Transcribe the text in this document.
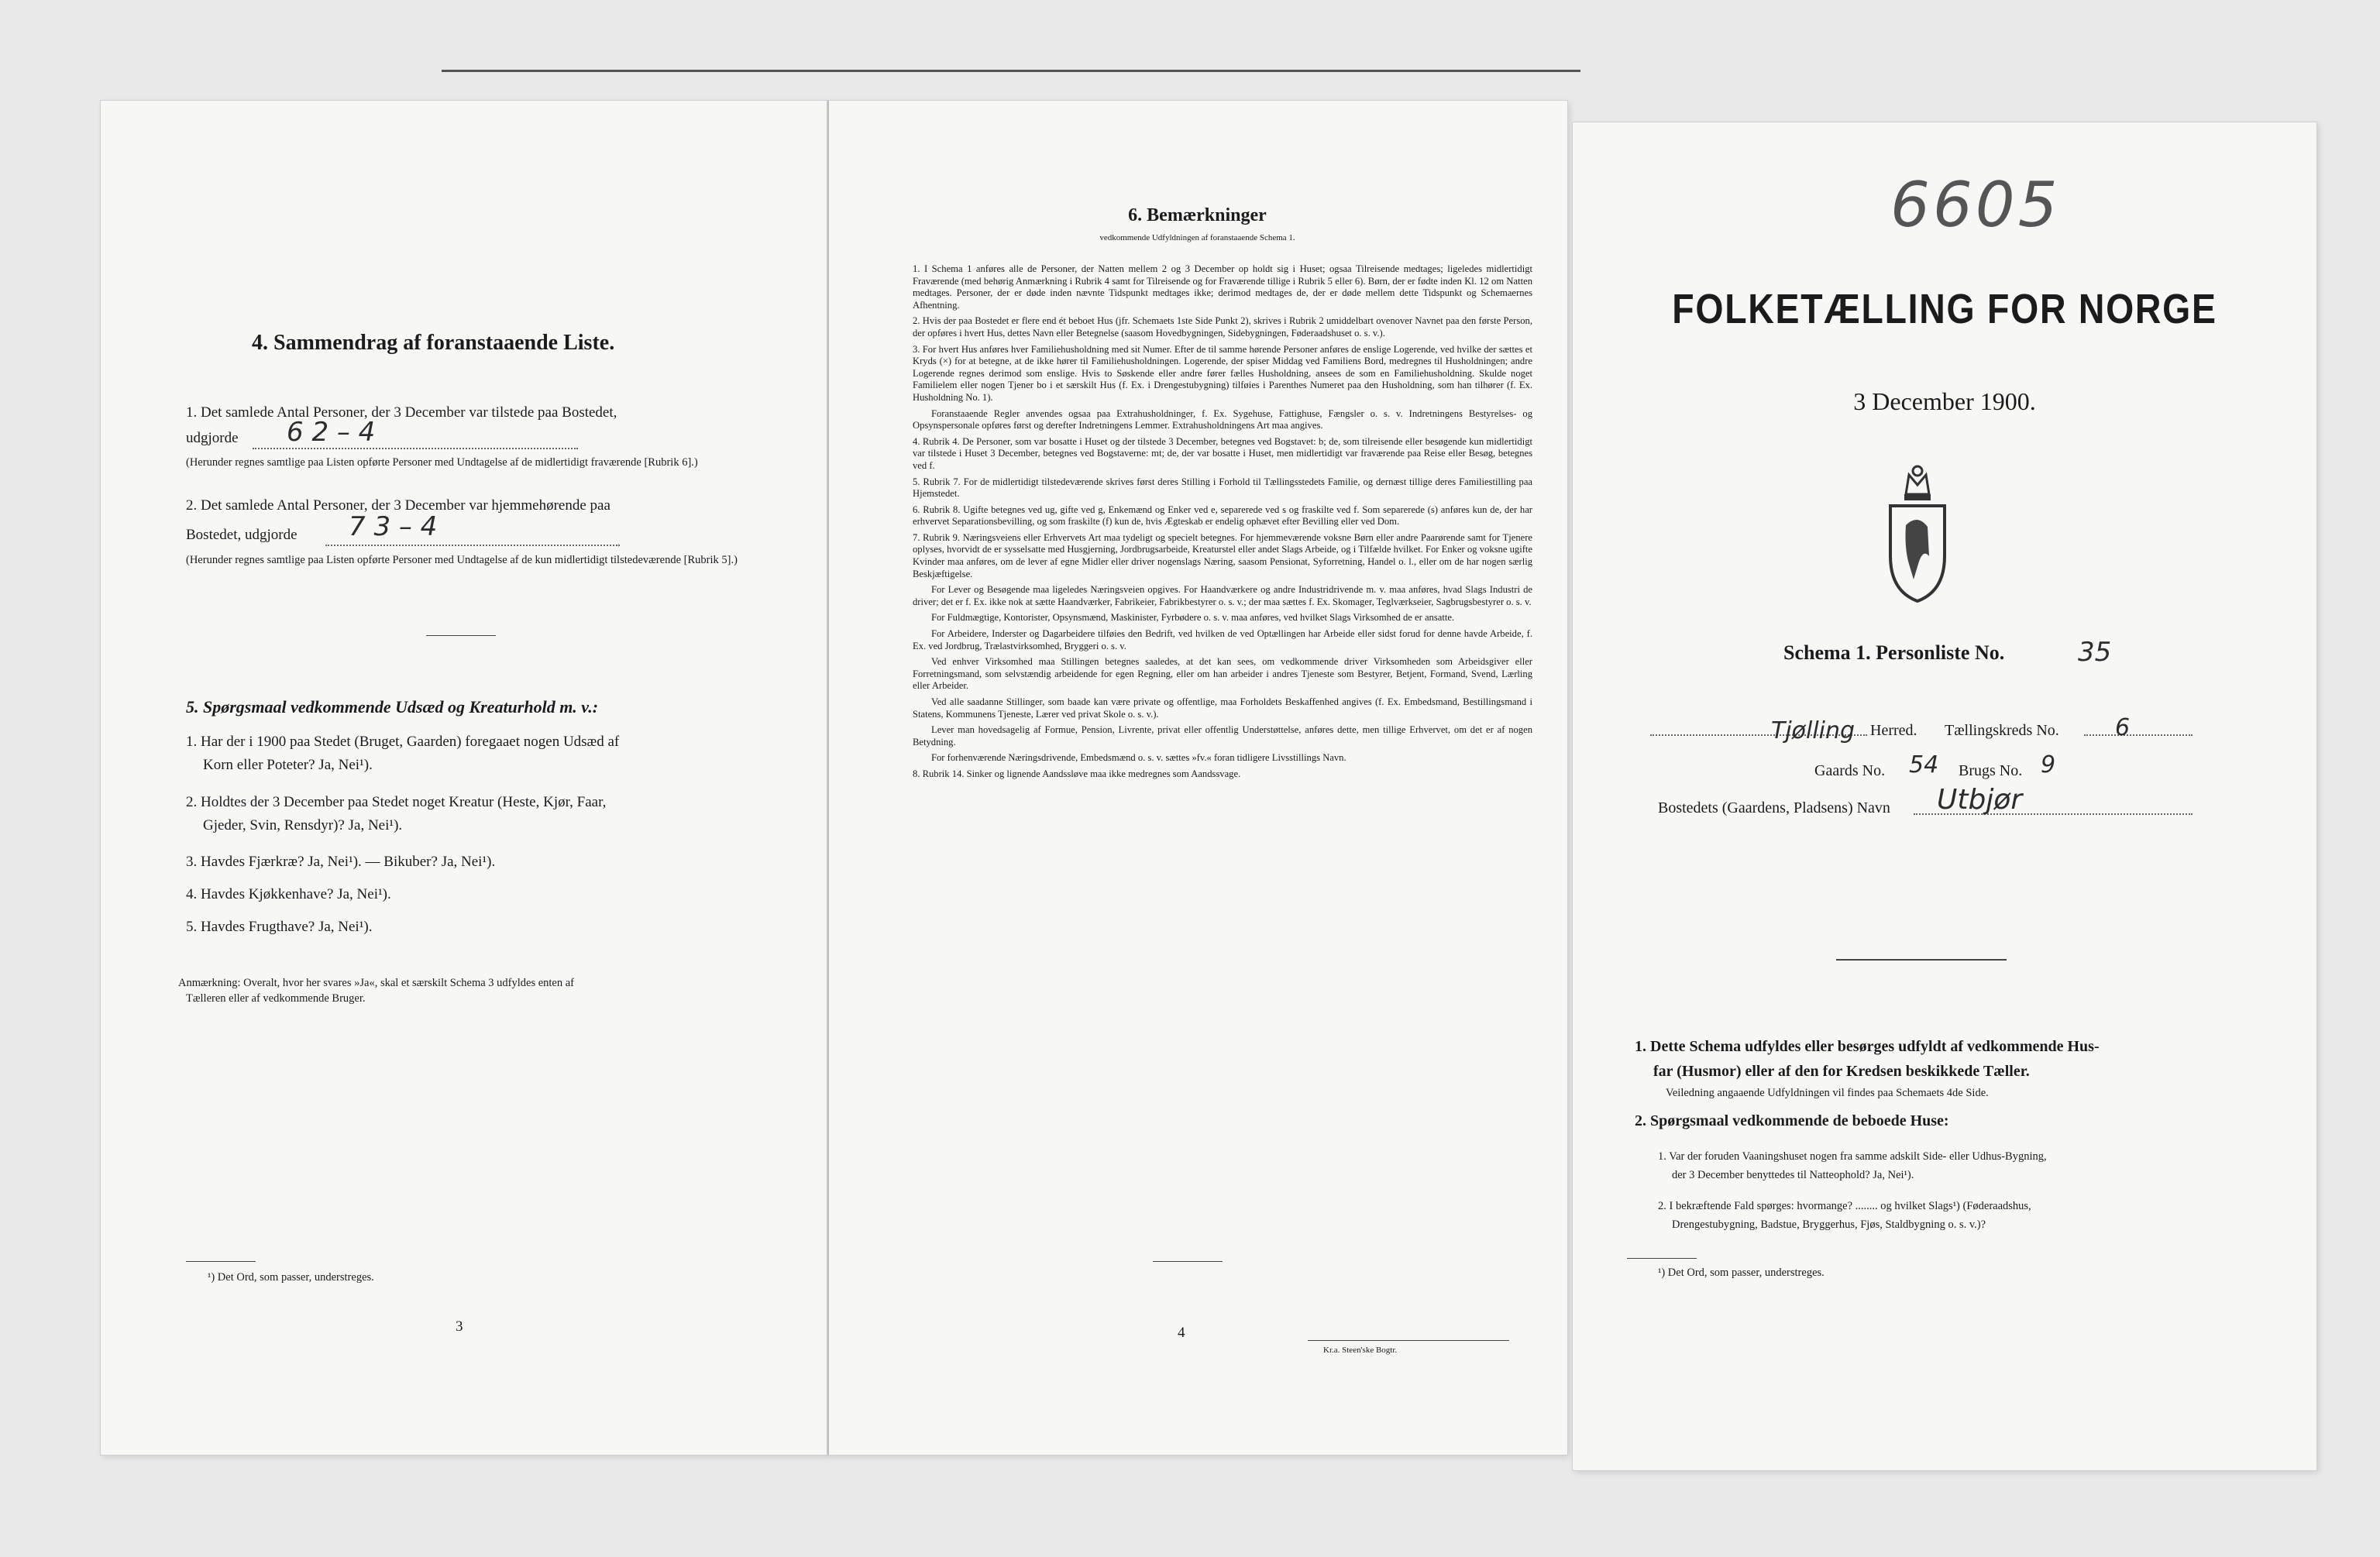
4. Sammendrag af foranstaaende Liste.
1. Det samlede Antal Personer, der 3 December var tilstede paa Bostedet,
udgjorde 6 2 – 4
(Herunder regnes samtlige paa Listen opførte Personer med Undtagelse af de midlertidigt fraværende [Rubrik 6].)
2. Det samlede Antal Personer, der 3 December var hjemmehørende paa
Bostedet, udgjorde 7 3 – 4
(Herunder regnes samtlige paa Listen opførte Personer med Undtagelse af de kun midlertidigt tilstedeværende [Rubrik 5].)
5. Spørgsmaal vedkommende Udsæd og Kreaturhold m. v.:
1. Har der i 1900 paa Stedet (Bruget, Gaarden) foregaaet nogen Udsæd af
Korn eller Poteter? Ja, Nei¹).
2. Holdtes der 3 December paa Stedet noget Kreatur (Heste, Kjør, Faar,
Gjeder, Svin, Rensdyr)? Ja, Nei¹).
3. Havdes Fjærkræ? Ja, Nei¹). — Bikuber? Ja, Nei¹).
4. Havdes Kjøkkenhave? Ja, Nei¹).
5. Havdes Frugthave? Ja, Nei¹).
Anmærkning: Overalt, hvor her svares »Ja«, skal et særskilt Schema 3 udfyldes enten af
Tælleren eller af vedkommende Bruger.
¹) Det Ord, som passer, understreges.
3
6. Bemærkninger
vedkommende Udfyldningen af foranstaaende Schema 1.
1. I Schema 1 anføres alle de Personer, der Natten mellem 2 og 3 December op holdt sig i Huset; ogsaa Tilreisende medtages; ligeledes midlertidigt Fraværende (med behørig Anmærkning i Rubrik 4 samt for Tilreisende og for Fraværende tillige i Rubrik 5 eller 6). Børn, der er fødte inden Kl. 12 om Natten medtages. Personer, der er døde inden nævnte Tidspunkt medtages ikke; derimod medtages de, der er døde mellem dette Tidspunkt og Schemaernes Afhentning.
2. Hvis der paa Bostedet er flere end ét beboet Hus (jfr. Schemaets 1ste Side Punkt 2), skrives i Rubrik 2 umiddelbart ovenover Navnet paa den første Person, der opføres i hvert Hus, dettes Navn eller Betegnelse (saasom Hovedbygningen, Sidebygningen, Føderaadshuset o. s. v.).
3. For hvert Hus anføres hver Familiehusholdning med sit Numer. Efter de til samme hørende Personer anføres de enslige Logerende, ved hvilke der sættes et Kryds (×) for at betegne, at de ikke hører til Familiehusholdningen. Logerende, der spiser Middag ved Familiens Bord, medregnes til Husholdningen; andre Logerende regnes derimod som enslige. Hvis to Søskende eller andre fører fælles Husholdning, ansees de som en Familiehusholdning. Skulde noget Familielem eller nogen Tjener bo i et særskilt Hus (f. Ex. i Drengestubygning) tilføies i Parenthes Numeret paa den Husholdning, som han tilhører (f. Ex. Husholdning No. 1).
Foranstaaende Regler anvendes ogsaa paa Extrahusholdninger, f. Ex. Sygehuse, Fattighuse, Fængsler o. s. v. Indretningens Bestyrelses- og Opsynspersonale opføres først og derefter Indretningens Lemmer. Extrahusholdningens Art maa angives.
4. Rubrik 4. De Personer, som var bosatte i Huset og der tilstede 3 December, betegnes ved Bogstavet: b; de, som tilreisende eller besøgende kun midlertidigt var tilstede i Huset 3 December, betegnes ved Bogstaverne: mt; de, der var bosatte i Huset, men midlertidigt var fraværende paa Reise eller Besøg, betegnes ved f.
5. Rubrik 7. For de midlertidigt tilstedeværende skrives først deres Stilling i Forhold til Tællingsstedets Familie, og dernæst tillige deres Familiestilling paa Hjemstedet.
6. Rubrik 8. Ugifte betegnes ved ug, gifte ved g, Enkemænd og Enker ved e, separerede ved s og fraskilte ved f. Som separerede (s) anføres kun de, der har erhvervet Separationsbevilling, og som fraskilte (f) kun de, hvis Ægteskab er endelig ophævet efter Bevilling eller ved Dom.
7. Rubrik 9. Næringsveiens eller Erhvervets Art maa tydeligt og specielt betegnes. For hjemmeværende voksne Børn eller andre Paarørende samt for Tjenere oplyses, hvorvidt de er sysselsatte med Husgjerning, Jordbrugsarbeide, Kreaturstel eller andet Slags Arbeide, og i Tilfælde hvilket. For Enker og voksne ugifte Kvinder maa anføres, om de lever af egne Midler eller driver nogenslags Næring, saasom Pensionat, Syforretning, Handel o. l., eller om de har nogen særlig Beskjæftigelse.
For Lever og Besøgende maa ligeledes Næringsveien opgives. For Haandværkere og andre Industridrivende m. v. maa anføres, hvad Slags Industri de driver; det er f. Ex. ikke nok at sætte Haandværker, Fabrikeier, Fabrikbestyrer o. s. v.; der maa sættes f. Ex. Skomager, Teglværkseier, Sagbrugsbestyrer o. s. v.
For Fuldmægtige, Kontorister, Opsynsmænd, Maskinister, Fyrbødere o. s. v. maa anføres, ved hvilket Slags Virksomhed de er ansatte.
For Arbeidere, Inderster og Dagarbeidere tilføies den Bedrift, ved hvilken de ved Optællingen har Arbeide eller sidst forud for denne havde Arbeide, f. Ex. ved Jordbrug, Trælastvirksomhed, Bryggeri o. s. v.
Ved enhver Virksomhed maa Stillingen betegnes saaledes, at det kan sees, om vedkommende driver Virksomheden som Arbeidsgiver eller Forretningsmand, som selvstændig arbeidende for egen Regning, eller om han arbeider i andres Tjeneste som Bestyrer, Betjent, Formand, Svend, Lærling eller Arbeider.
Ved alle saadanne Stillinger, som baade kan være private og offentlige, maa Forholdets Beskaffenhed angives (f. Ex. Embedsmand, Bestillingsmand i Statens, Kommunens Tjeneste, Lærer ved privat Skole o. s. v.).
Lever man hovedsagelig af Formue, Pension, Livrente, privat eller offentlig Understøttelse, anføres dette, men tillige Erhvervet, om det er af nogen Betydning.
For forhenværende Næringsdrivende, Embedsmænd o. s. v. sættes »fv.« foran tidligere Livsstillings Navn.
8. Rubrik 14. Sinker og lignende Aandssløve maa ikke medregnes som Aandssvage.
4
Kr.a. Steen'ske Bogtr.
6605
FOLKETÆLLING FOR NORGE
3 December 1900.
Schema 1. Personliste No.	35
Tjølling Herred. Tællingskreds No. 6
Gaards No. 54 Brugs No. 9
Bostedets (Gaardens, Pladsens) Navn Utbjør
1. Dette Schema udfyldes eller besørges udfyldt af vedkommende Hus-
far (Husmor) eller af den for Kredsen beskikkede Tæller.
Veiledning angaaende Udfyldningen vil findes paa Schemaets 4de Side.
2. Spørgsmaal vedkommende de beboede Huse:
1. Var der foruden Vaaningshuset nogen fra samme adskilt Side- eller Udhus-Bygning,
der 3 December benyttedes til Natteophold? Ja, Nei¹).
2. I bekræftende Fald spørges: hvormange? ........ og hvilket Slags¹) (Føderaadshus,
Drengestubygning, Badstue, Bryggerhus, Fjøs, Staldbygning o. s. v.)?
¹) Det Ord, som passer, understreges.
